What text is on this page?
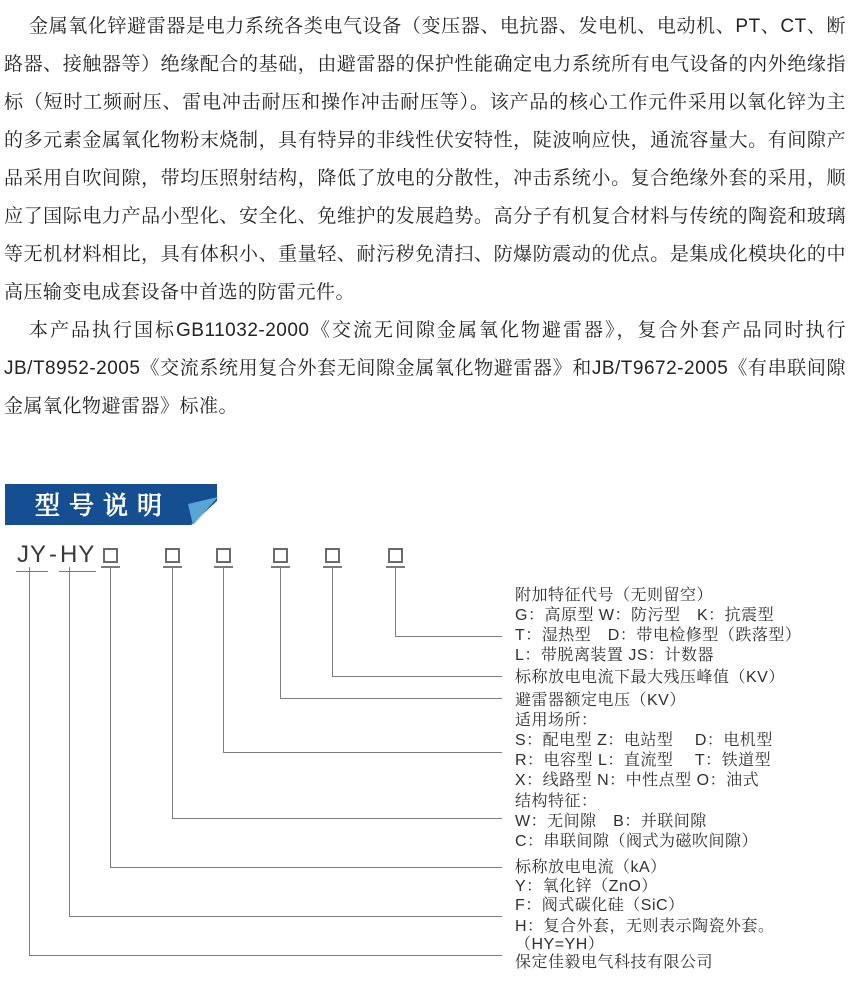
金属氧化锌避雷器是电力系统各类电气设备（变压器、电抗器、发电机、电动机、PT、CT、断路器、接触器等）绝缘配合的基础，由避雷器的保护性能确定电力系统所有电气设备的内外绝缘指标（短时工频耐压、雷电冲击耐压和操作冲击耐压等）。该产品的核心工作元件采用以氧化锌为主的多元素金属氧化物粉末烧制，具有特异的非线性伏安特性，陡波响应快，通流容量大。有间隙产品采用自吹间隙，带均压照射结构，降低了放电的分散性，冲击系统小。复合绝缘外套的采用，顺应了国际电力产品小型化、安全化、免维护的发展趋势。高分子有机复合材料与传统的陶瓷和玻璃等无机材料相比，具有体积小、重量轻、耐污秽免清扫、防爆防震动的优点。是集成化模块化的中高压输变电成套设备中首选的防雷元件。

本产品执行国标GB11032-2000《交流无间隙金属氧化物避雷器》，复合外套产品同时执行JB/T8952-2005《交流系统用复合外套无间隙金属氧化物避雷器》和JB/T9672-2005《有串联间隙金属氧化物避雷器》标准。

型号说明
JY-HY
附加特征代号（无则留空）
G：高原型 W：防污型　K：抗震型
T：湿热型　D：带电检修型（跌落型）
L：带脱离装置 JS：计数器
标称放电电流下最大残压峰值（KV）
避雷器额定电压（KV）
适用场所：
S：配电型 Z：电站型　 D：电机型
R：电容型 L：直流型　 T：铁道型
X：线路型 N：中性点型 O：油式
结构特征：
W：无间隙　B：并联间隙
C：串联间隙（阀式为磁吹间隙）
标称放电电流（kA）
Y：氧化锌（ZnO）
F：阀式碳化硅（SiC）
H：复合外套，无则表示陶瓷外套。
（HY=YH）
保定佳毅电气科技有限公司
